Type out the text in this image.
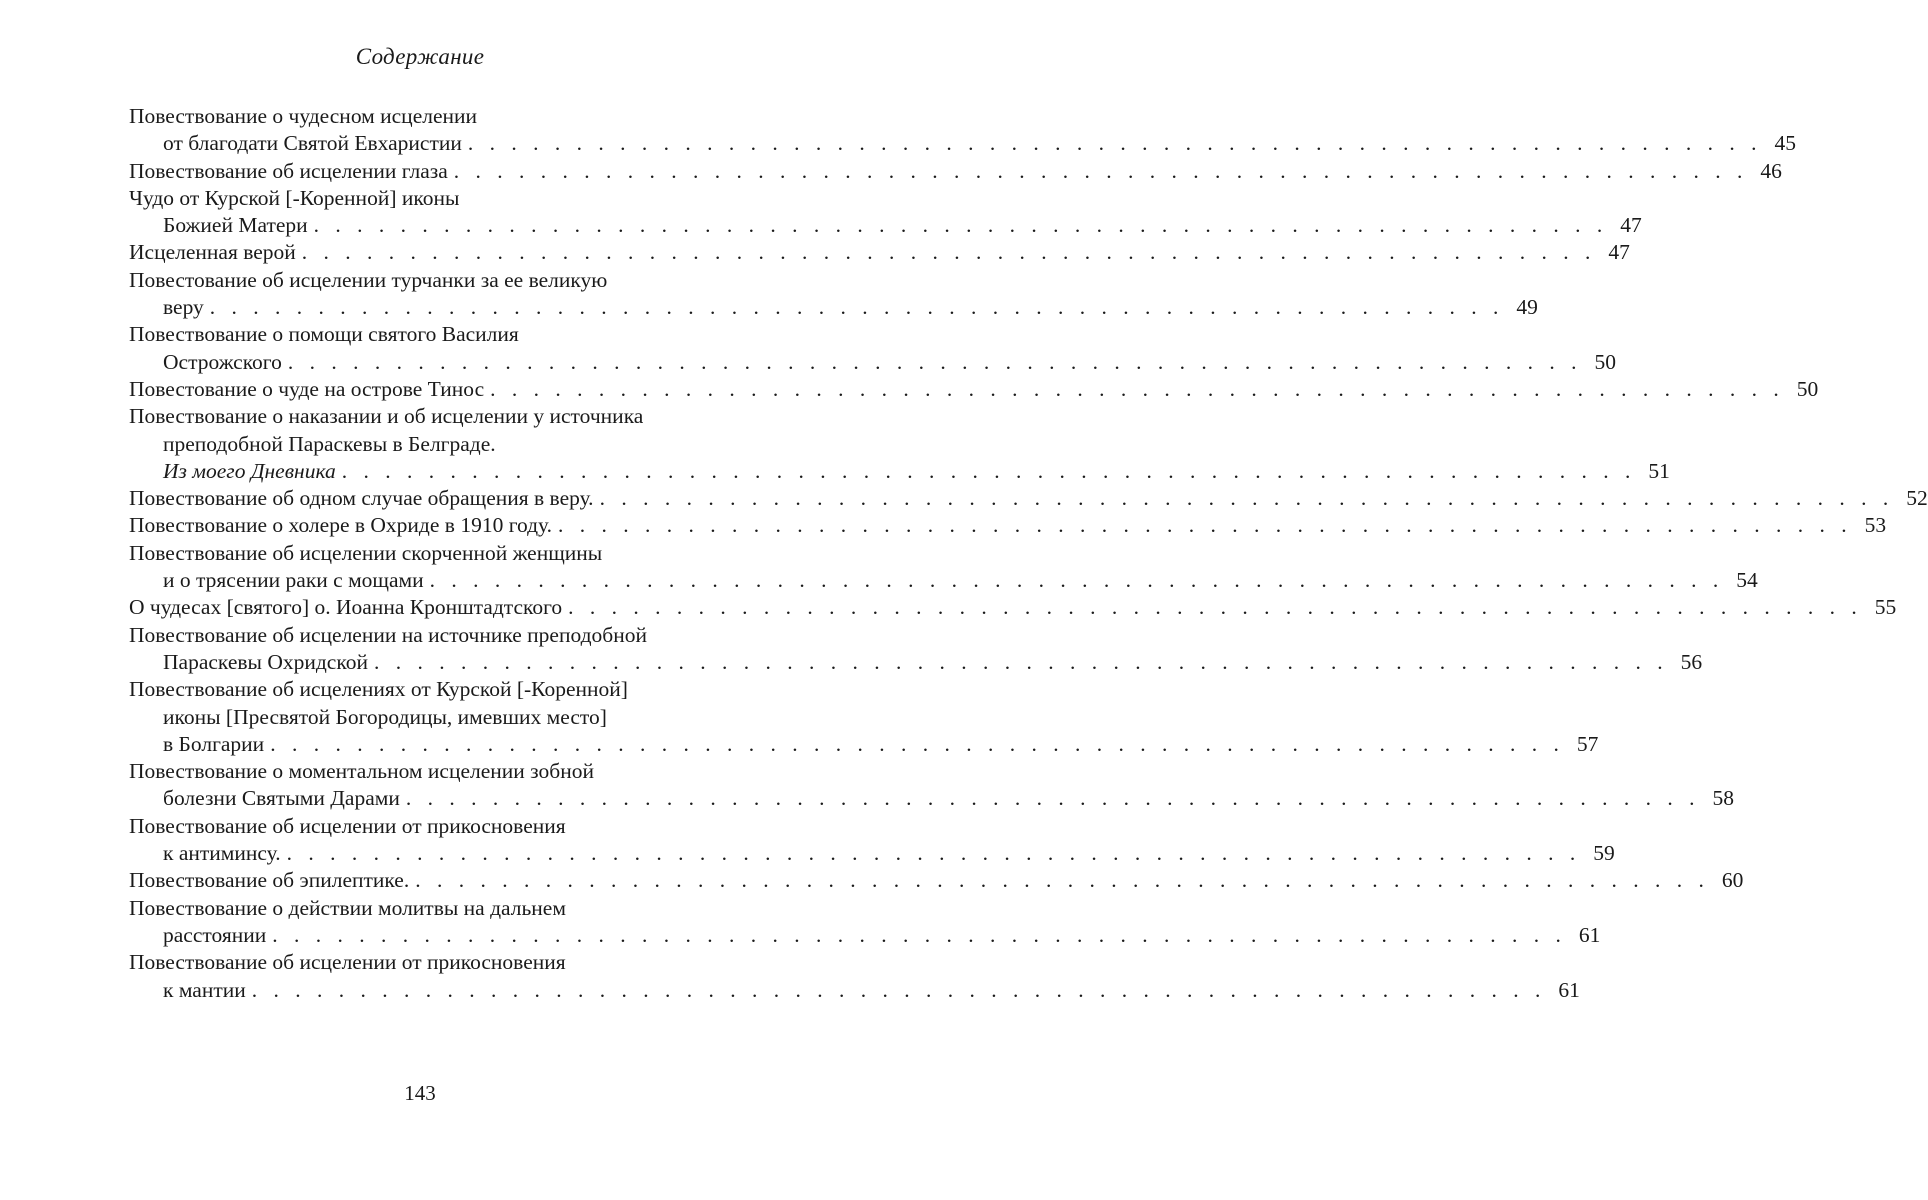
Содержание
Повествование о чудесном исцелении
от благодати Святой Евхаристии . . . . . . . . . . . . . . . . . . . . . . . . . . . . . . . . . . . . . . . . . . . . . . . . . . . . . . . . . . . . 45
Повествование об исцелении глаза . . . . . . . . . . . . . . . . . . . . . . . . . . . . . . . . . . . . . . . . . . . . . . . . . . . . . . . . . . . . 46
Чудо от Курской [-Коренной] иконы
Божией Матери . . . . . . . . . . . . . . . . . . . . . . . . . . . . . . . . . . . . . . . . . . . . . . . . . . . . . . . . . . . . 47
Исцеленная верой . . . . . . . . . . . . . . . . . . . . . . . . . . . . . . . . . . . . . . . . . . . . . . . . . . . . . . . . . . . . 47
Повестование об исцелении турчанки за ее великую
веру . . . . . . . . . . . . . . . . . . . . . . . . . . . . . . . . . . . . . . . . . . . . . . . . . . . . . . . . . . . . 49
Повествование о помощи святого Василия
Острожского . . . . . . . . . . . . . . . . . . . . . . . . . . . . . . . . . . . . . . . . . . . . . . . . . . . . . . . . . . . . 50
Повестование о чуде на острове Тинос . . . . . . . . . . . . . . . . . . . . . . . . . . . . . . . . . . . . . . . . . . . . . . . . . . . . . . . . . . . . 50
Повествование о наказании и об исцелении у источника
преподобной Параскевы в Белграде.
Из моего Дневника . . . . . . . . . . . . . . . . . . . . . . . . . . . . . . . . . . . . . . . . . . . . . . . . . . . . . . . . . . . . 51
Повествование об одном случае обращения в веру. . . . . . . . . . . . . . . . . . . . . . . . . . . . . . . . . . . . . . . . . . . . . . . . . . . . . . . . . . . . . 52
Повествование о холере в Охриде в 1910 году. . . . . . . . . . . . . . . . . . . . . . . . . . . . . . . . . . . . . . . . . . . . . . . . . . . . . . . . . . . . . 53
Повествование об исцелении скорченной женщины
и о трясении раки с мощами . . . . . . . . . . . . . . . . . . . . . . . . . . . . . . . . . . . . . . . . . . . . . . . . . . . . . . . . . . . . 54
О чудесах [святого] о. Иоанна Кронштадтского . . . . . . . . . . . . . . . . . . . . . . . . . . . . . . . . . . . . . . . . . . . . . . . . . . . . . . . . . . . . 55
Повествование об исцелении на источнике преподобной
Параскевы Охридской . . . . . . . . . . . . . . . . . . . . . . . . . . . . . . . . . . . . . . . . . . . . . . . . . . . . . . . . . . . . 56
Повествование об исцелениях от Курской [-Коренной]
иконы [Пресвятой Богородицы, имевших место]
в Болгарии . . . . . . . . . . . . . . . . . . . . . . . . . . . . . . . . . . . . . . . . . . . . . . . . . . . . . . . . . . . . 57
Повествование о моментальном исцелении зобной
болезни Святыми Дарами . . . . . . . . . . . . . . . . . . . . . . . . . . . . . . . . . . . . . . . . . . . . . . . . . . . . . . . . . . . . 58
Повествование об исцелении от прикосновения
к антиминсу. . . . . . . . . . . . . . . . . . . . . . . . . . . . . . . . . . . . . . . . . . . . . . . . . . . . . . . . . . . . . 59
Повествование об эпилептике. . . . . . . . . . . . . . . . . . . . . . . . . . . . . . . . . . . . . . . . . . . . . . . . . . . . . . . . . . . . . 60
Повествование о действии молитвы на дальнем
расстоянии . . . . . . . . . . . . . . . . . . . . . . . . . . . . . . . . . . . . . . . . . . . . . . . . . . . . . . . . . . . . 61
Повествование об исцелении от прикосновения
к мантии . . . . . . . . . . . . . . . . . . . . . . . . . . . . . . . . . . . . . . . . . . . . . . . . . . . . . . . . . . . . 61
143
